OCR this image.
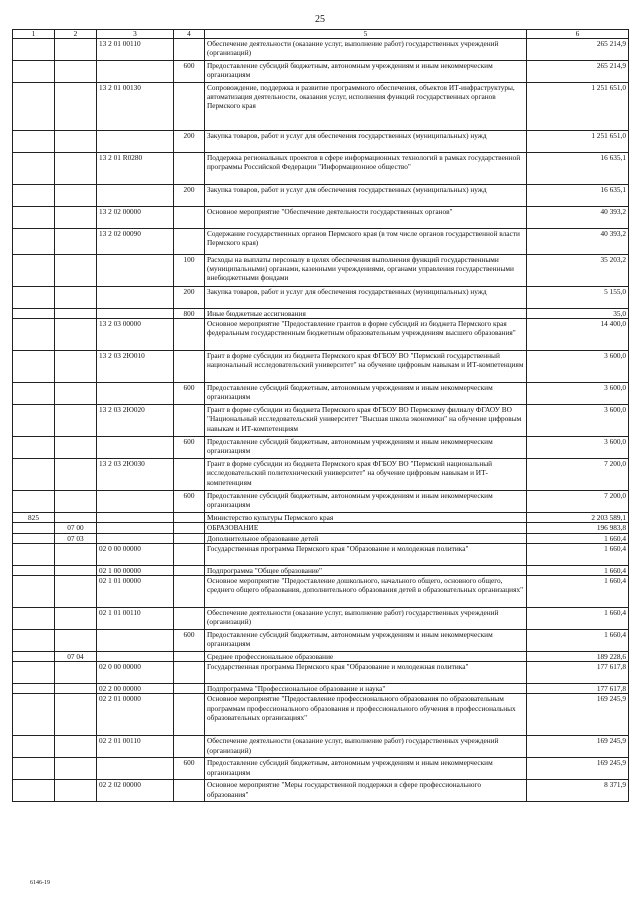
25
1	2	3	4	5	6
		13 2 01 00110		Обеспечение деятельности (оказание услуг, выполнение работ) государственных учреждений (организаций)	265 214,9
			600	Предоставление субсидий бюджетным, автономным учреждениям и иным некоммерческим организациям	265 214,9
		13 2 01 00130		Сопровождение, поддержка и развитие программного обеспечения, объектов ИТ-инфраструктуры, автоматизация деятельности, оказания услуг, исполнения функций государственных органов Пермского края	1 251 651,0
			200	Закупка товаров, работ и услуг для обеспечения государственных (муниципальных) нужд	1 251 651,0
		13 2 01 R0280		Поддержка региональных проектов в сфере информационных технологий в рамках государственной программы Российской Федерации "Информационное общество"	16 635,1
			200	Закупка товаров, работ и услуг для обеспечения государственных (муниципальных) нужд	16 635,1
		13 2 02 00000		Основное мероприятие "Обеспечение деятельности государственных органов"	40 393,2
		13 2 02 00090		Содержание государственных органов Пермского края (в том числе органов государственной власти Пермского края)	40 393,2
			100	Расходы на выплаты персоналу в целях обеспечения выполнения функций государственными (муниципальными) органами, казенными учреждениями, органами управления государственными внебюджетными фондами	35 203,2
			200	Закупка товаров, работ и услуг для обеспечения государственных (муниципальных) нужд	5 155,0
			800	Иные бюджетные ассигнования	35,0
		13 2 03 00000		Основное мероприятие "Предоставление грантов в форме субсидий из бюджета Пермского края федеральным государственным бюджетным образовательным учреждениям высшего образования"	14 400,0
		13 2 03 2Ю010		Грант в форме субсидии из бюджета Пермского края ФГБОУ ВО "Пермский государственный национальный исследовательский университет" на обучение цифровым навыкам и ИТ-компетенциям	3 600,0
			600	Предоставление субсидий бюджетным, автономным учреждениям и иным некоммерческим организациям	3 600,0
		13 2 03 2Ю020		Грант в форме субсидии из бюджета Пермского края ФГБОУ ВО Пермскому филиалу ФГАОУ ВО "Национальный исследовательский университет "Высшая школа экономики" на обучение цифровым навыкам и ИТ-компетенциям	3 600,0
			600	Предоставление субсидий бюджетным, автономным учреждениям и иным некоммерческим организациям	3 600,0
		13 2 03 2Ю030		Грант в форме субсидии из бюджета Пермского края ФГБОУ ВО "Пермский национальный исследовательский политехнический университет" на обучение цифровым навыкам и ИТ-компетенциям	7 200,0
			600	Предоставление субсидий бюджетным, автономным учреждениям и иным некоммерческим организациям	7 200,0
825				Министерство культуры Пермского края	2 203 589,1
	07 00			ОБРАЗОВАНИЕ	196 983,8
	07 03			Дополнительное образование детей	1 660,4
		02 0 00 00000		Государственная программа Пермского края "Образование и молодежная политика"	1 660,4
		02 1 00 00000		Подпрограмма "Общее образование"	1 660,4
		02 1 01 00000		Основное мероприятие "Предоставление дошкольного, начального общего, основного общего, среднего общего образования, дополнительного образования детей в образовательных организациях"	1 660,4
		02 1 01 00110		Обеспечение деятельности (оказание услуг, выполнение работ) государственных учреждений (организаций)	1 660,4
			600	Предоставление субсидий бюджетным, автономным учреждениям и иным некоммерческим организациям	1 660,4
	07 04			Среднее профессиональное образование	189 228,6
		02 0 00 00000		Государственная программа Пермского края "Образование и молодежная политика"	177 617,8
		02 2 00 00000		Подпрограмма "Профессиональное образование и наука"	177 617,8
		02 2 01 00000		Основное мероприятие "Предоставление профессионального образования по образовательным программам профессионального образования и профессионального обучения в профессиональных образовательных организациях"	169 245,9
		02 2 01 00110		Обеспечение деятельности (оказание услуг, выполнение работ) государственных учреждений (организаций)	169 245,9
			600	Предоставление субсидий бюджетным, автономным учреждениям и иным некоммерческим организациям	169 245,9
		02 2 02 00000		Основное мероприятие "Меры государственной поддержки в сфере профессионального образования"	8 371,9
6146-19
